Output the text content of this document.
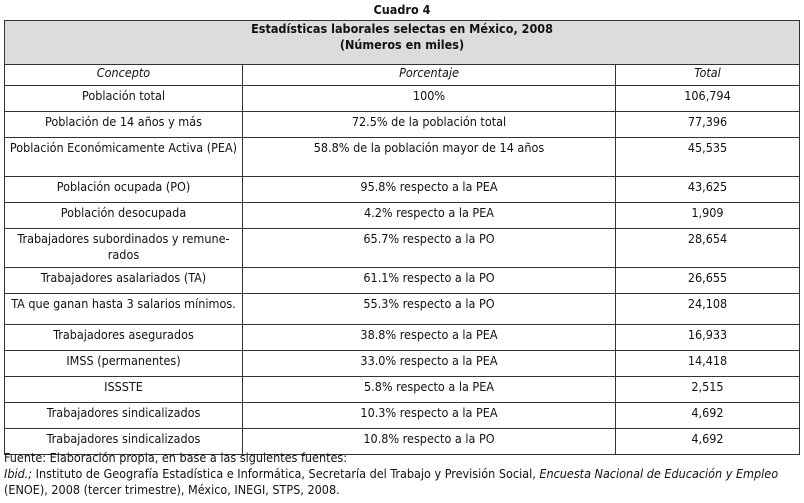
Cuadro 4
Estadísticas laborales selectas en México, 2008
(Números en miles)		

Concepto	Porcentaje	Total
Población total	100%	106,794
Población de 14 años y más	72.5% de la población total	77,396
Población Económicamente Activa (PEA)	58.8% de la población mayor de 14 años	45,535
Población ocupada (PO)	95.8% respecto a la PEA	43,625
Población desocupada	4.2% respecto a la PEA	1,909
Trabajadores subordinados y remune-rados	65.7% respecto a la PO	28,654
Trabajadores asalariados (TA)	61.1% respecto a la PO	26,655
TA que ganan hasta 3 salarios mínimos.	55.3% respecto a la PO	24,108
Trabajadores asegurados	38.8% respecto a la PEA	16,933
IMSS (permanentes)	33.0% respecto a la PEA	14,418
ISSSTE	5.8% respecto a la PEA	2,515
Trabajadores sindicalizados	10.3% respecto a la PEA	4,692
Trabajadores sindicalizados	10.8% respecto a la PO	4,692
Fuente: Elaboración propia, en base a las siguientes fuentes:
Ibid.; Instituto de Geografía Estadística e Informática, Secretaría del Trabajo y Previsión Social, Encuesta Nacional de Educación y Empleo
(ENOE), 2008 (tercer trimestre), México, INEGI, STPS, 2008.
